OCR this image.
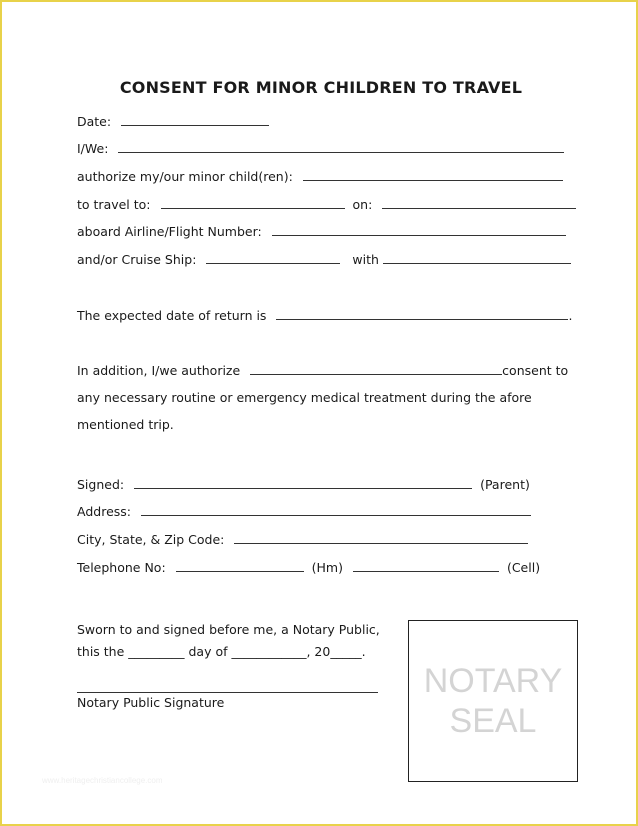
CONSENT FOR MINOR CHILDREN TO TRAVEL
Date:
I/We:
authorize my/our minor child(ren):
to travel to:	on:
aboard Airline/Flight Number:
and/or Cruise Ship:	with
The expected date of return is	.
In addition, I/we authorize	consent to
any necessary routine or emergency medical treatment during the afore
mentioned trip.
Signed:	(Parent)
Address:
City, State, & Zip Code:
Telephone No:	(Hm)	(Cell)
Sworn to and signed before me, a Notary Public,
this the _________ day of ____________, 20_____.
Notary Public Signature
NOTARY
SEAL
www.heritagechristiancollege.com
